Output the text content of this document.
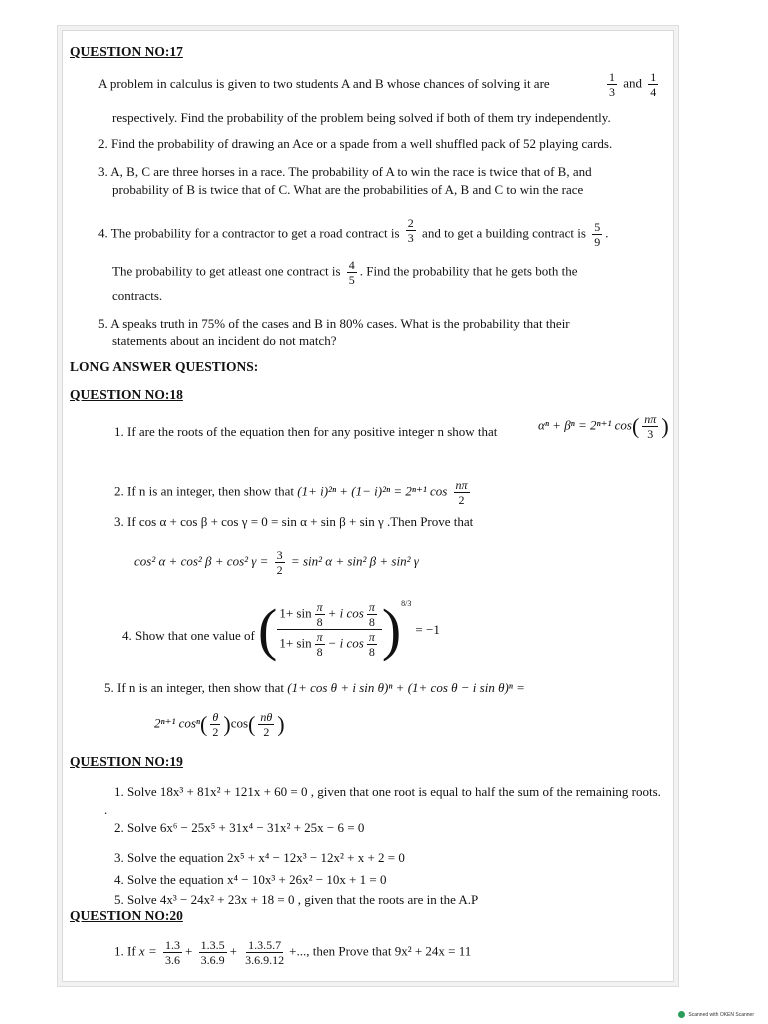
QUESTION NO:17
A problem in calculus is given to two students A and B whose chances of solving it are	$\frac{1}{3}$ and $\frac{1}{4}$
respectively. Find the probability of the problem being solved if both of them try independently.
2. Find the probability of drawing an Ace or a spade from a well shuffled pack of 52 playing cards.
3. A, B, C are three horses in a race. The probability of A to win the race is twice that of B, and
probability of B is twice that of C. What are the probabilities of A, B and C to win the race
4. The probability for a contractor to get a road contract is $\frac{2}{3}$ and to get a building contract is $\frac{5}{9}$ .
The probability to get atleast one contract is $\frac{4}{5}$ . Find the probability that he gets both the
contracts.
5. A speaks truth in 75% of the cases and B in 80% cases. What is the probability that their
statements about an incident do not match?
LONG ANSWER QUESTIONS:
QUESTION NO:18
1. If are the roots of the equation then for any positive integer n show that	αⁿ + βⁿ = 2ⁿ⁺¹ $\cos( \frac{n\pi}{3}$ )
2. If n is an integer, then show that (1+ i)²ⁿ + (1− i)²ⁿ = 2ⁿ⁺¹ $\cos \frac{n\pi}{2}$
3. If cos α + cos β + cos γ = 0 = sin α + sin β + sin γ .Then Prove that
cos² α + cos² β + cos² $\gamma = \frac{3}{2} = \sin^2$ α + sin² β + sin² γ
4. Show that one value of ( $1+ \sin \frac{\pi}{8} + i$ $\cos \frac{\pi}{8}$
$1+ \sin \frac{\pi}{8} - i$ $\cos \frac{\pi}{8}$ ) 8/3
= −1
5. If n is an integer, then show that (1+ cos θ + i sin θ)ⁿ + (1+ cos θ − i sin θ)ⁿ =
2ⁿ⁺¹ $\cos^n( \frac{\theta}{2} )\cos( \frac{n\theta}{2}$ )
QUESTION NO:19
1. Solve 18x³ + 81x² + 121x + 60 = 0 , given that one root is equal to half the sum of the remaining roots.
.
2. Solve 6x⁶ − 25x⁵ + 31x⁴ − 31x² + 25x − 6 = 0
3. Solve the equation 2x⁵ + x⁴ − 12x³ − 12x² + x + 2 = 0
4. Solve the equation x⁴ − 10x³ + 26x² − 10x + 1 = 0
5. Solve 4x³ − 24x² + 23x + 18 = 0 , given that the roots are in the A.P
QUESTION NO:20
1. If $x = \frac{1.3}{3.6} + \frac{1.3.5}{3.6.9} + \frac{1.3.5.7}{3.6.9.12}$ +..., then Prove that 9x² + 24x = 11
Scanned with OKEN Scanner
